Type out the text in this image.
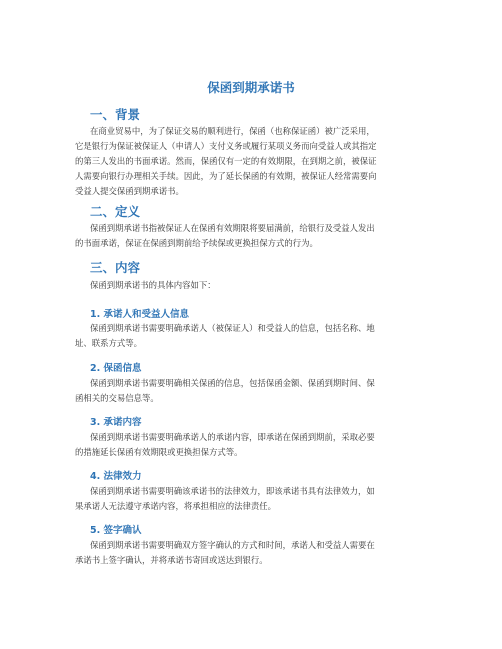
保函到期承诺书
一、背景
在商业贸易中，为了保证交易的顺利进行，保函（也称保证函）被广泛采用，
它是银行为保证被保证人（申请人）支付义务或履行某项义务而向受益人或其指定
的第三人发出的书面承诺。然而，保函仅有一定的有效期限，在到期之前，被保证
人需要向银行办理相关手续。因此，为了延长保函的有效期，被保证人经常需要向
受益人提交保函到期承诺书。
二、定义
保函到期承诺书指被保证人在保函有效期限将要届满前，给银行及受益人发出
的书面承诺，保证在保函到期前给予续保或更换担保方式的行为。
三、内容
保函到期承诺书的具体内容如下：
1. 承诺人和受益人信息
保函到期承诺书需要明确承诺人（被保证人）和受益人的信息，包括名称、地
址、联系方式等。
2. 保函信息
保函到期承诺书需要明确相关保函的信息，包括保函金额、保函到期时间、保
函相关的交易信息等。
3. 承诺内容
保函到期承诺书需要明确承诺人的承诺内容，即承诺在保函到期前，采取必要
的措施延长保函有效期限或更换担保方式等。
4. 法律效力
保函到期承诺书需要明确该承诺书的法律效力，即该承诺书具有法律效力，如
果承诺人无法遵守承诺内容，将承担相应的法律责任。
5. 签字确认
保函到期承诺书需要明确双方签字确认的方式和时间，承诺人和受益人需要在
承诺书上签字确认，并将承诺书寄回或送达到银行。
